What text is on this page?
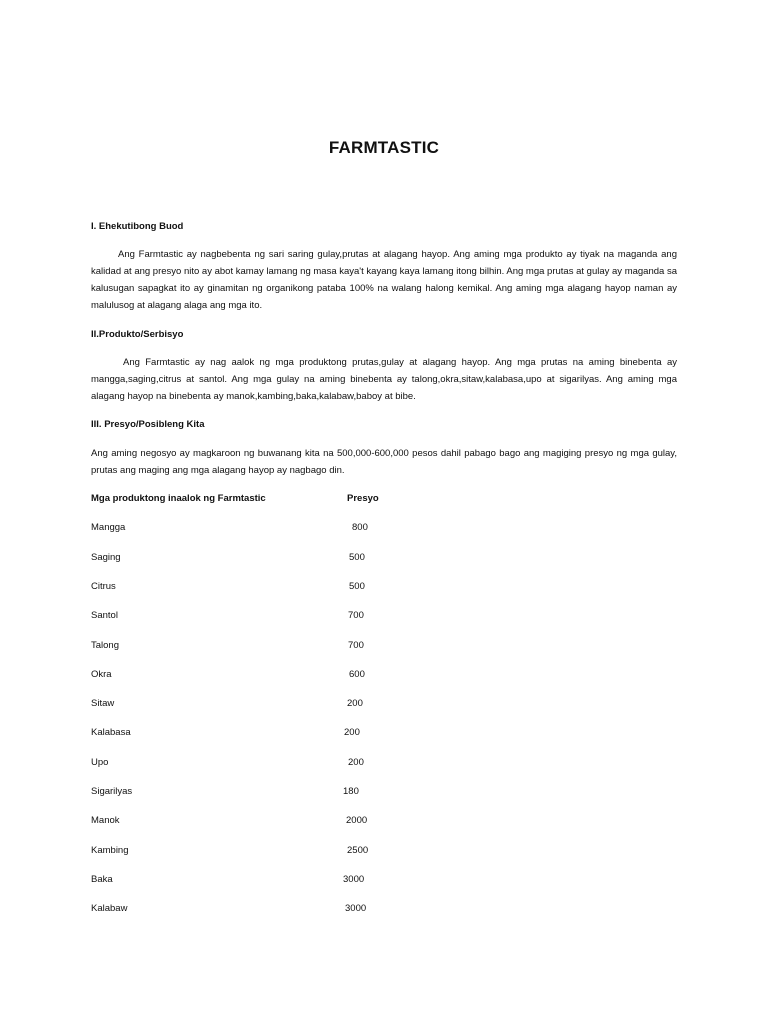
FARMTASTIC
I. Ehekutibong Buod

Ang Farmtastic ay nagbebenta ng sari saring gulay,prutas at alagang hayop. Ang aming mga produkto ay tiyak na maganda ang kalidad at ang presyo nito ay abot kamay lamang ng masa kaya't kayang kaya lamang itong bilhin. Ang mga prutas at gulay ay maganda sa kalusugan sapagkat ito ay ginamitan ng organikong pataba 100% na walang halong kemikal. Ang aming mga alagang hayop naman ay malulusog at alagang alaga ang mga ito.

II.Produkto/Serbisyo

Ang Farmtastic ay nag aalok ng mga produktong prutas,gulay at alagang hayop. Ang mga prutas na aming binebenta ay mangga,saging,citrus at santol. Ang mga gulay na aming binebenta ay talong,okra,sitaw,kalabasa,upo at sigarilyas. Ang aming mga alagang hayop na binebenta ay manok,kambing,baka,kalabaw,baboy at bibe.

III. Presyo/Posibleng Kita

Ang aming negosyo ay magkaroon ng buwanang kita na 500,000-600,000 pesos dahil pabago bago ang magiging presyo ng mga gulay, prutas ang maging ang mga alagang hayop ay nagbago din.

Mga produktong inaalok ng Farmtastic	Presyo
Mangga	800
Saging	500
Citrus	500
Santol	700
Talong	700
Okra	600
Sitaw	200
Kalabasa	200
Upo	200
Sigarilyas	180
Manok	2000
Kambing	2500
Baka	3000
Kalabaw	3000
